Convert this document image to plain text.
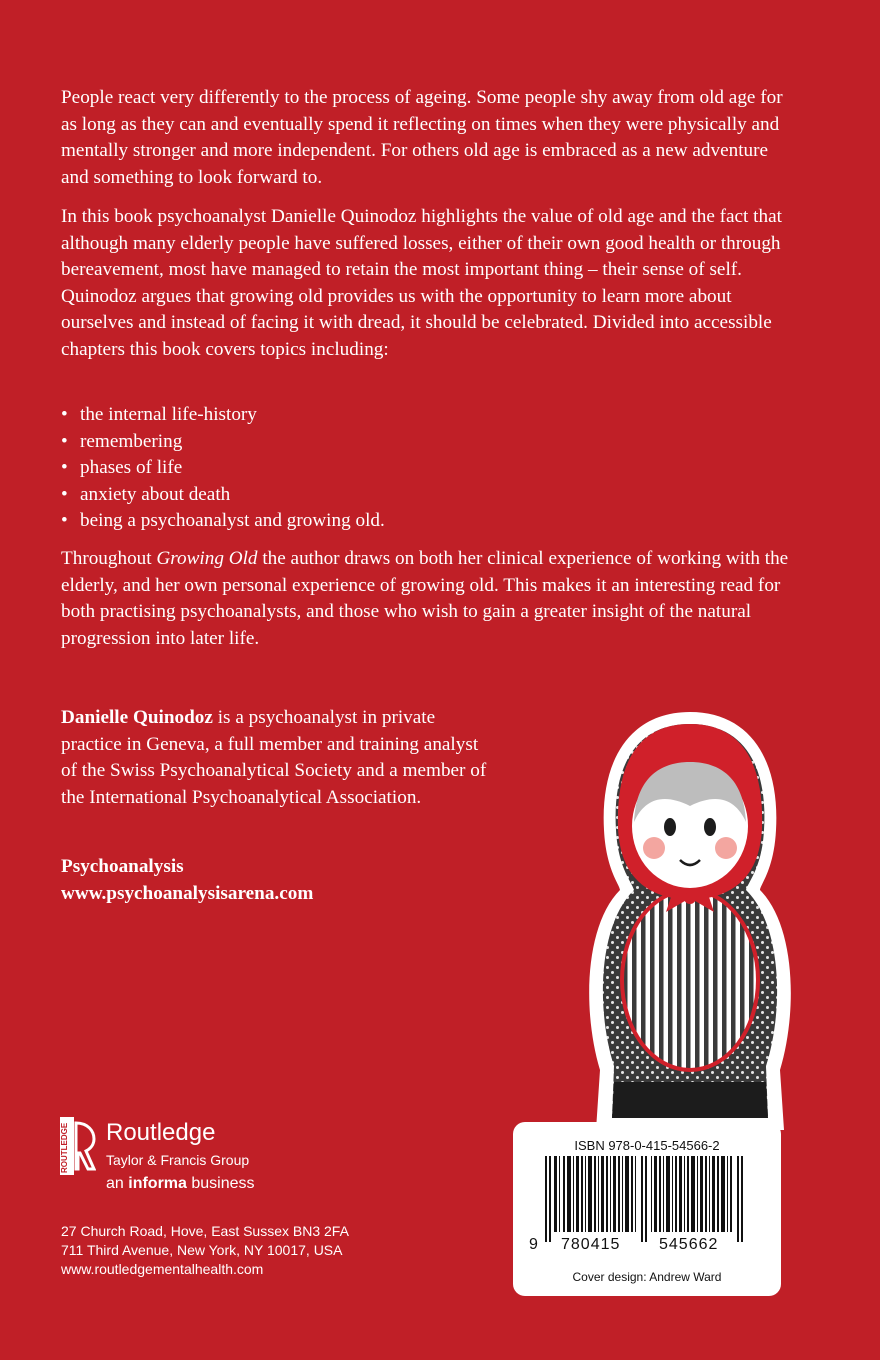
People react very differently to the process of ageing. Some people shy away from old age for as long as they can and eventually spend it reflecting on times when they were physically and mentally stronger and more independent. For others old age is embraced as a new adventure and something to look forward to.

In this book psychoanalyst Danielle Quinodoz highlights the value of old age and the fact that although many elderly people have suffered losses, either of their own good health or through bereavement, most have managed to retain the most important thing – their sense of self. Quinodoz argues that growing old provides us with the opportunity to learn more about ourselves and instead of facing it with dread, it should be celebrated. Divided into accessible chapters this book covers topics including:

• the internal life-history
• remembering
• phases of life
• anxiety about death
• being a psychoanalyst and growing old.

Throughout Growing Old the author draws on both her clinical experience of working with the elderly, and her own personal experience of growing old. This makes it an interesting read for both practising psychoanalysts, and those who wish to gain a greater insight of the natural progression into later life.

Danielle Quinodoz is a psychoanalyst in private practice in Geneva, a full member and training analyst of the Swiss Psychoanalytical Society and a member of the International Psychoanalytical Association.

Psychoanalysis
www.psychoanalysisarena.com
ISBN 978-0-415-54566-2
9 780415 545662
Cover design: Andrew Ward
ROUTLEDGE Routledge
Taylor & Francis Group
an informa business
27 Church Road, Hove, East Sussex BN3 2FA
711 Third Avenue, New York, NY 10017, USA
www.routledgementalhealth.com
